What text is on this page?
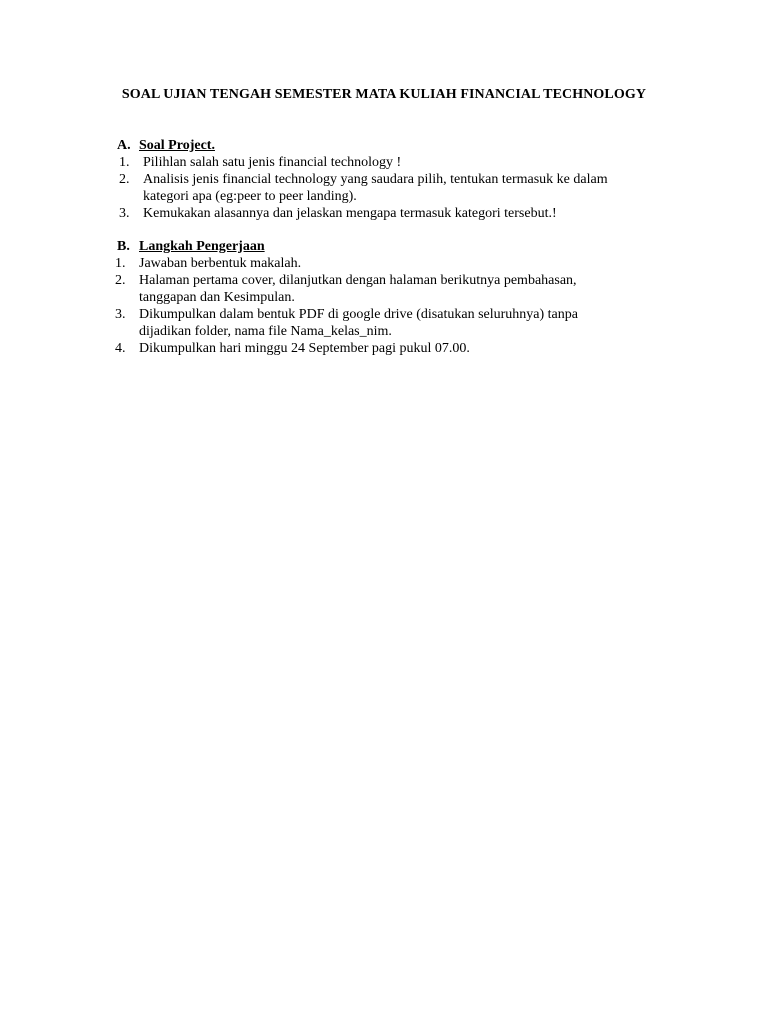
SOAL UJIAN TENGAH SEMESTER MATA KULIAH FINANCIAL TECHNOLOGY
A. Soal Project.
1. Pilihlan salah satu jenis financial technology !
2. Analisis jenis financial technology yang saudara pilih, tentukan termasuk ke dalam
kategori apa (eg:peer to peer landing).
3. Kemukakan alasannya dan jelaskan mengapa termasuk kategori tersebut.!
B. Langkah Pengerjaan
1. Jawaban berbentuk makalah.
2. Halaman pertama cover, dilanjutkan dengan halaman berikutnya pembahasan,
tanggapan dan Kesimpulan.
3. Dikumpulkan dalam bentuk PDF di google drive (disatukan seluruhnya) tanpa
dijadikan folder, nama file Nama_kelas_nim.
4. Dikumpulkan hari minggu 24 September pagi pukul 07.00.
